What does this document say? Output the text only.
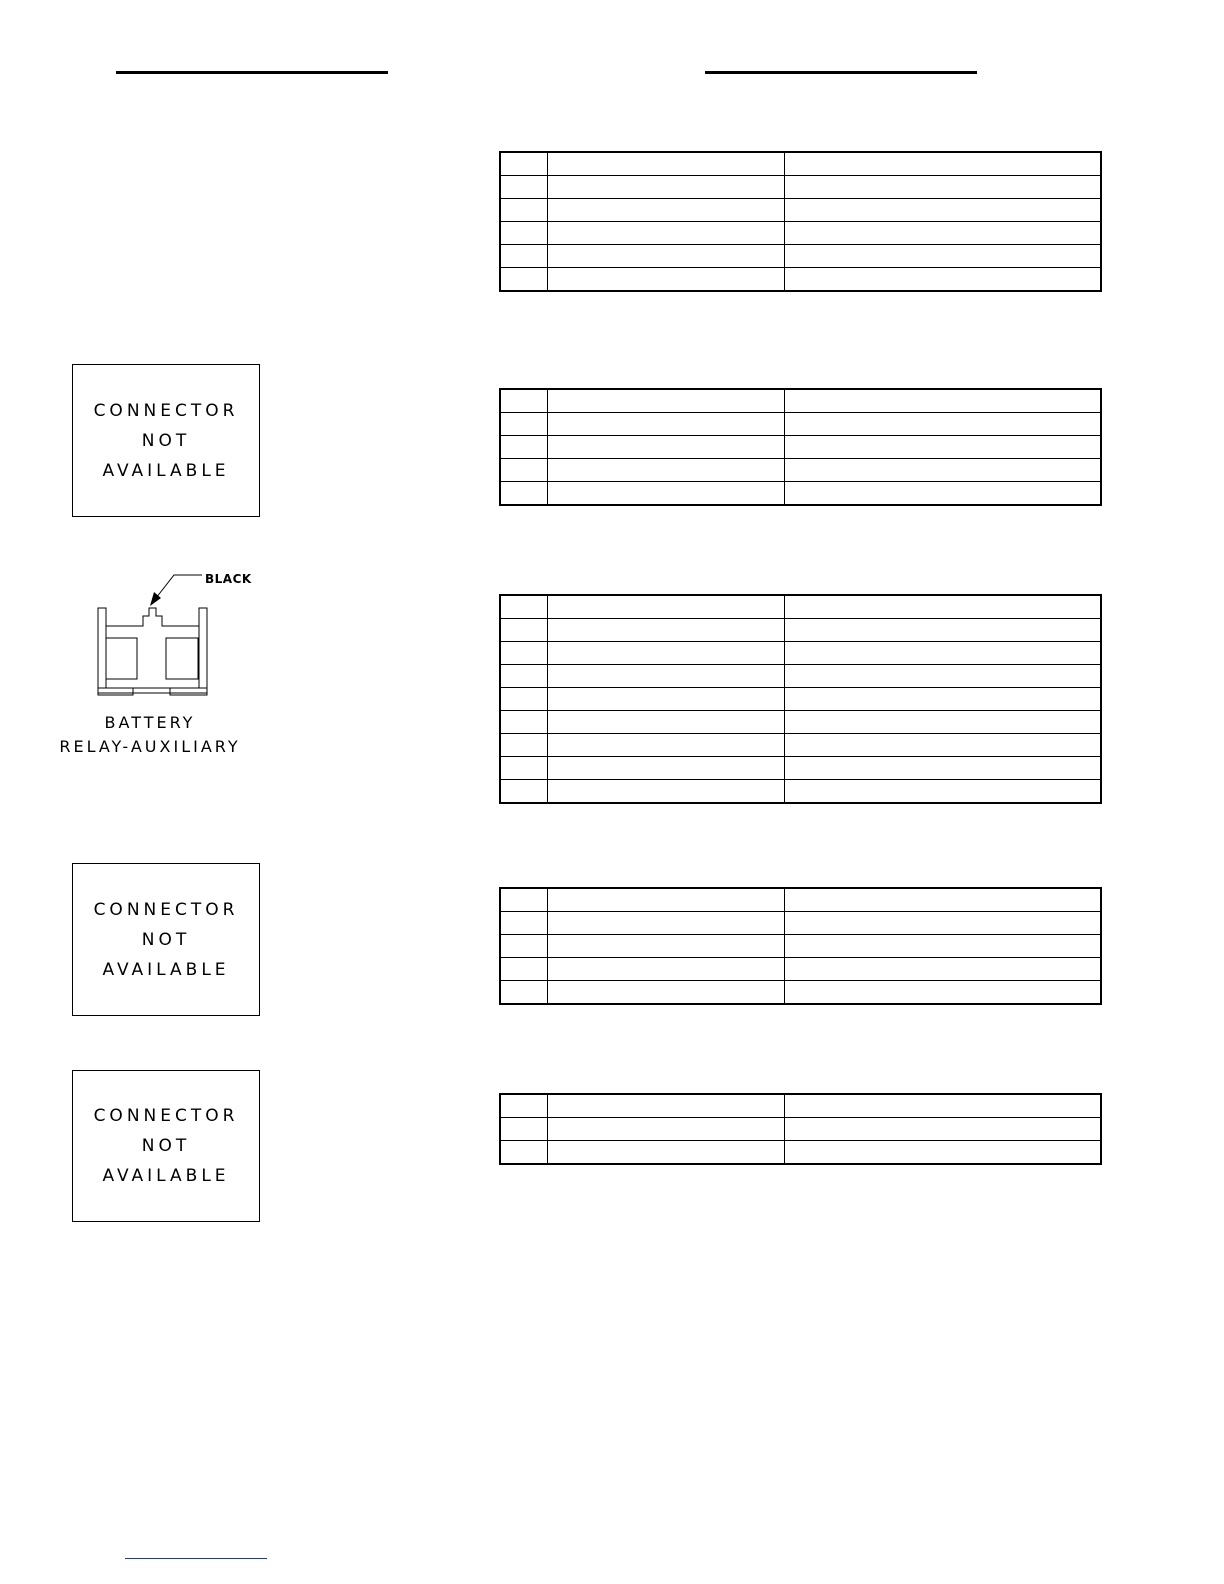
CONNECTOR
NOT
AVAILABLE
CONNECTOR
NOT
AVAILABLE
CONNECTOR
NOT
AVAILABLE
BLACK
BATTERY
RELAY-AUXILIARY
